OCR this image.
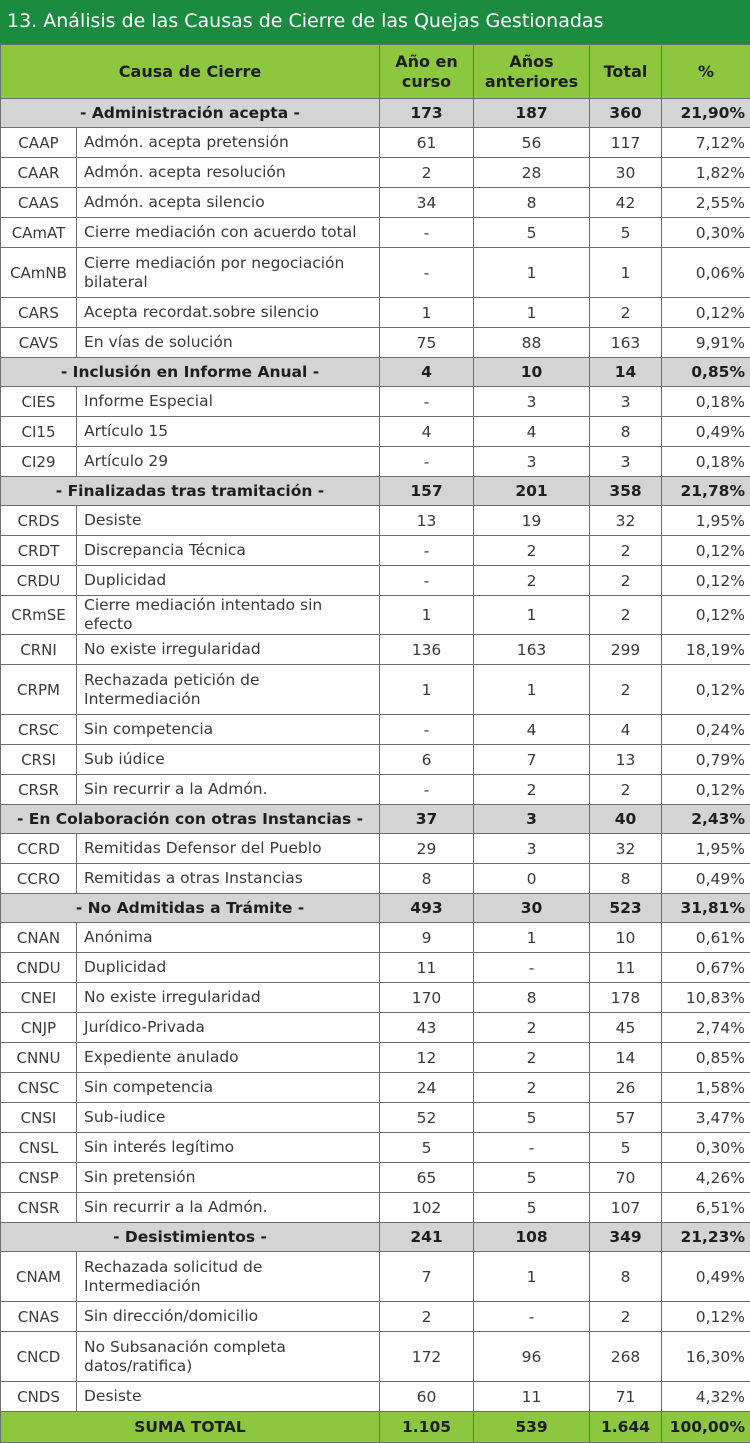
13. Análisis de las Causas de Cierre de las Quejas Gestionadas
Causa de Cierre		Año en curso	Años anteriores	Total	%
- Administración acepta -		173	187	360	21,90%
CAAP	Admón. acepta pretensión	61	56	117	7,12%
CAAR	Admón. acepta resolución	2	28	30	1,82%
CAAS	Admón. acepta silencio	34	8	42	2,55%
CAmAT	Cierre mediación con acuerdo total	-	5	5	0,30%
CAmNB	Cierre mediación por negociación bilateral	-	1	1	0,06%
CARS	Acepta recordat.sobre silencio	1	1	2	0,12%
CAVS	En vías de solución	75	88	163	9,91%
- Inclusión en Informe Anual -		4	10	14	0,85%
CIES	Informe Especial	-	3	3	0,18%
CI15	Artículo 15	4	4	8	0,49%
CI29	Artículo 29	-	3	3	0,18%
- Finalizadas tras tramitación -		157	201	358	21,78%
CRDS	Desiste	13	19	32	1,95%
CRDT	Discrepancia Técnica	-	2	2	0,12%
CRDU	Duplicidad	-	2	2	0,12%
CRmSE	Cierre mediación intentado sin efecto	1	1	2	0,12%
CRNI	No existe irregularidad	136	163	299	18,19%
CRPM	Rechazada petición de Intermediación	1	1	2	0,12%
CRSC	Sin competencia	-	4	4	0,24%
CRSI	Sub iúdice	6	7	13	0,79%
CRSR	Sin recurrir a la Admón.	-	2	2	0,12%
- En Colaboración con otras Instancias -		37	3	40	2,43%
CCRD	Remitidas Defensor del Pueblo	29	3	32	1,95%
CCRO	Remitidas a otras Instancias	8	0	8	0,49%
- No Admitidas a Trámite -		493	30	523	31,81%
CNAN	Anónima	9	1	10	0,61%
CNDU	Duplicidad	11	-	11	0,67%
CNEI	No existe irregularidad	170	8	178	10,83%
CNJP	Jurídico-Privada	43	2	45	2,74%
CNNU	Expediente anulado	12	2	14	0,85%
CNSC	Sin competencia	24	2	26	1,58%
CNSI	Sub-iudice	52	5	57	3,47%
CNSL	Sin interés legítimo	5	-	5	0,30%
CNSP	Sin pretensión	65	5	70	4,26%
CNSR	Sin recurrir a la Admón.	102	5	107	6,51%
- Desistimientos -		241	108	349	21,23%
CNAM	Rechazada solicitud de Intermediación	7	1	8	0,49%
CNAS	Sin dirección/domicilio	2	-	2	0,12%
CNCD	No Subsanación completa datos/ratifica)	172	96	268	16,30%
CNDS	Desiste	60	11	71	4,32%
SUMA TOTAL		1.105	539	1.644	100,00%
